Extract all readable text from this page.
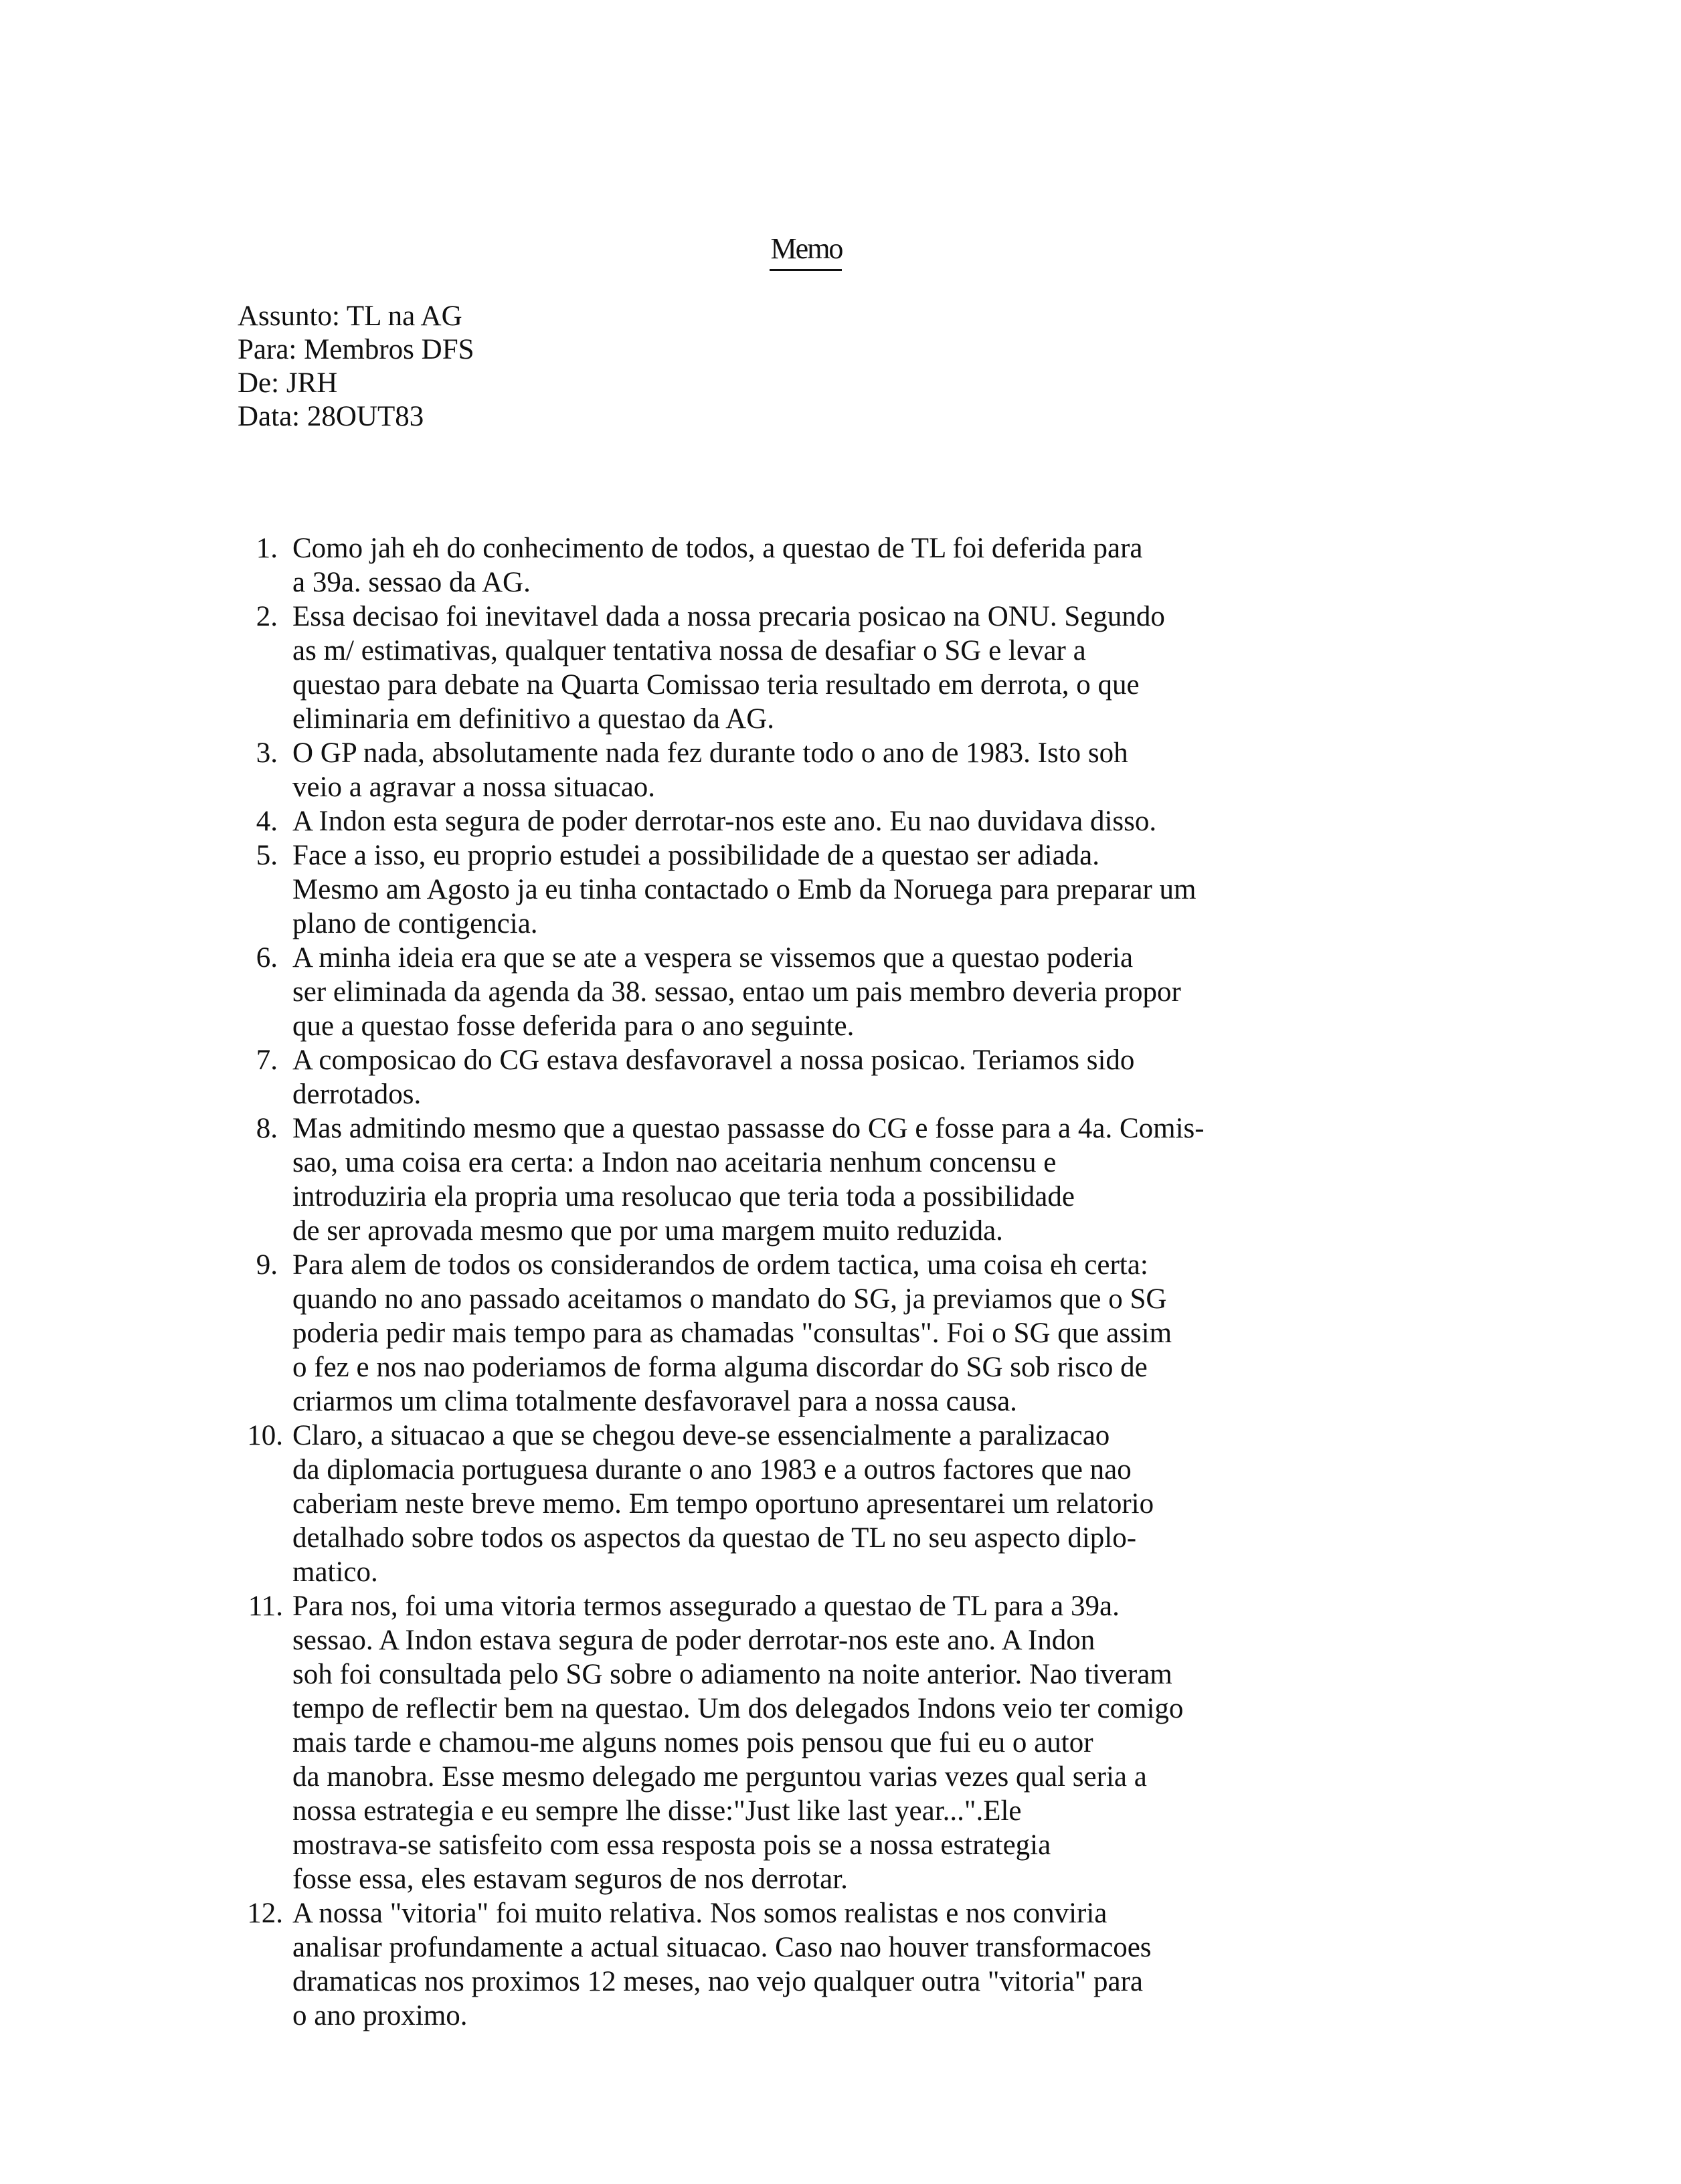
Memo
Assunto: TL na AG
Para: Membros DFS
De: JRH
Data: 28OUT83
1. Como jah eh do conhecimento de todos, a questao de TL foi deferida para
a 39a. sessao da AG.
2. Essa decisao foi inevitavel dada a nossa precaria posicao na ONU. Segundo
as m/ estimativas, qualquer tentativa nossa de desafiar o SG e levar a
questao para debate na Quarta Comissao teria resultado em derrota, o que
eliminaria em definitivo a questao da AG.
3. O GP nada, absolutamente nada fez durante todo o ano de 1983. Isto soh
veio a agravar a nossa situacao.
4. A Indon esta segura de poder derrotar-nos este ano. Eu nao duvidava disso.
5. Face a isso, eu proprio estudei a possibilidade de a questao ser adiada.
Mesmo am Agosto ja eu tinha contactado o Emb da Noruega para preparar um
plano de contigencia.
6. A minha ideia era que se ate a vespera se vissemos que a questao poderia
ser eliminada da agenda da 38. sessao, entao um pais membro deveria propor
que a questao fosse deferida para o ano seguinte.
7. A composicao do CG estava desfavoravel a nossa posicao. Teriamos sido
derrotados.
8. Mas admitindo mesmo que a questao passasse do CG e fosse para a 4a. Comis-
sao, uma coisa era certa: a Indon nao aceitaria nenhum concensu e
introduziria ela propria uma resolucao que teria toda a possibilidade
de ser aprovada mesmo que por uma margem muito reduzida.
9. Para alem de todos os considerandos de ordem tactica, uma coisa eh certa:
quando no ano passado aceitamos o mandato do SG, ja previamos que o SG
poderia pedir mais tempo para as chamadas "consultas". Foi o SG que assim
o fez e nos nao poderiamos de forma alguma discordar do SG sob risco de
criarmos um clima totalmente desfavoravel para a nossa causa.
10. Claro, a situacao a que se chegou deve-se essencialmente a paralizacao
da diplomacia portuguesa durante o ano 1983 e a outros factores que nao
caberiam neste breve memo. Em tempo oportuno apresentarei um relatorio
detalhado sobre todos os aspectos da questao de TL no seu aspecto diplo-
matico.
11. Para nos, foi uma vitoria termos assegurado a questao de TL para a 39a.
sessao. A Indon estava segura de poder derrotar-nos este ano. A Indon
soh foi consultada pelo SG sobre o adiamento na noite anterior. Nao tiveram
tempo de reflectir bem na questao. Um dos delegados Indons veio ter comigo
mais tarde e chamou-me alguns nomes pois pensou que fui eu o autor
da manobra. Esse mesmo delegado me perguntou varias vezes qual seria a
nossa estrategia e eu sempre lhe disse:"Just like last year...".Ele
mostrava-se satisfeito com essa resposta pois se a nossa estrategia
fosse essa, eles estavam seguros de nos derrotar.
12. A nossa "vitoria" foi muito relativa. Nos somos realistas e nos conviria
analisar profundamente a actual situacao. Caso nao houver transformacoes
dramaticas nos proximos 12 meses, nao vejo qualquer outra "vitoria" para
o ano proximo.
